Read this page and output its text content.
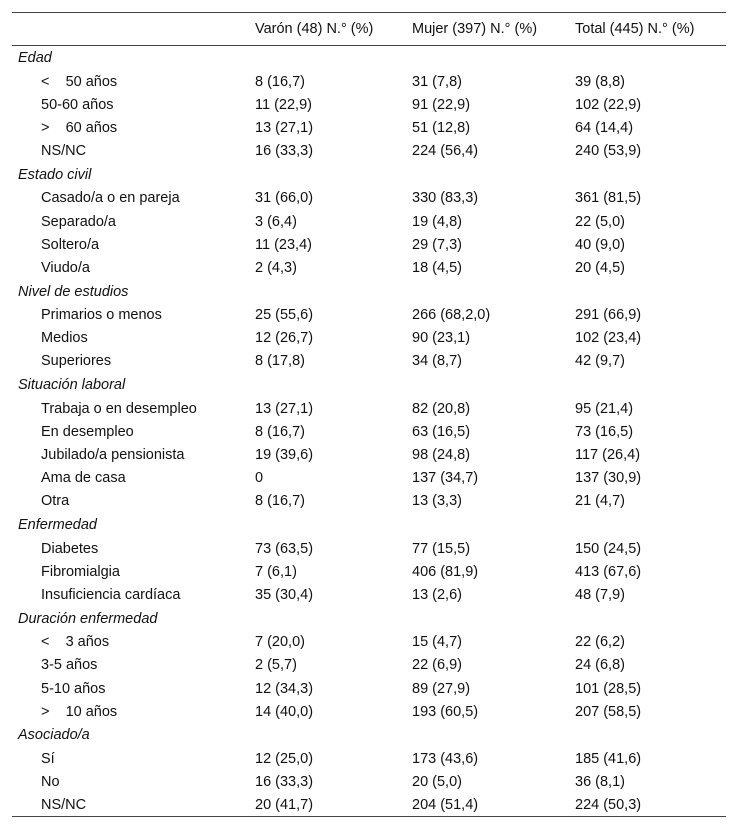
	Varón (48) N.° (%)	Mujer (397) N.° (%)	Total (445) N.° (%)
Edad			
<    50 años	8 (16,7)	31 (7,8)	39 (8,8)
50-60 años	11 (22,9)	91 (22,9)	102 (22,9)
>    60 años	13 (27,1)	51 (12,8)	64 (14,4)
NS/NC	16 (33,3)	224 (56,4)	240 (53,9)
Estado civil			
Casado/a o en pareja	31 (66,0)	330 (83,3)	361 (81,5)
Separado/a	3 (6,4)	19 (4,8)	22 (5,0)
Soltero/a	11 (23,4)	29 (7,3)	40 (9,0)
Viudo/a	2 (4,3)	18 (4,5)	20 (4,5)
Nivel de estudios			
Primarios o menos	25 (55,6)	266 (68,2,0)	291 (66,9)
Medios	12 (26,7)	90 (23,1)	102 (23,4)
Superiores	8 (17,8)	34 (8,7)	42 (9,7)
Situación laboral			
Trabaja o en desempleo	13 (27,1)	82 (20,8)	95 (21,4)
En desempleo	8 (16,7)	63 (16,5)	73 (16,5)
Jubilado/a pensionista	19 (39,6)	98 (24,8)	117 (26,4)
Ama de casa	0	137 (34,7)	137 (30,9)
Otra	8 (16,7)	13 (3,3)	21 (4,7)
Enfermedad			
Diabetes	73 (63,5)	77 (15,5)	150 (24,5)
Fibromialgia	7 (6,1)	406 (81,9)	413 (67,6)
Insuficiencia cardíaca	35 (30,4)	13 (2,6)	48 (7,9)
Duración enfermedad			
<    3 años	7 (20,0)	15 (4,7)	22 (6,2)
3-5 años	2 (5,7)	22 (6,9)	24 (6,8)
5-10 años	12 (34,3)	89 (27,9)	101 (28,5)
>    10 años	14 (40,0)	193 (60,5)	207 (58,5)
Asociado/a			
Sí	12 (25,0)	173 (43,6)	185 (41,6)
No	16 (33,3)	20 (5,0)	36 (8,1)
NS/NC	20 (41,7)	204 (51,4)	224 (50,3)
